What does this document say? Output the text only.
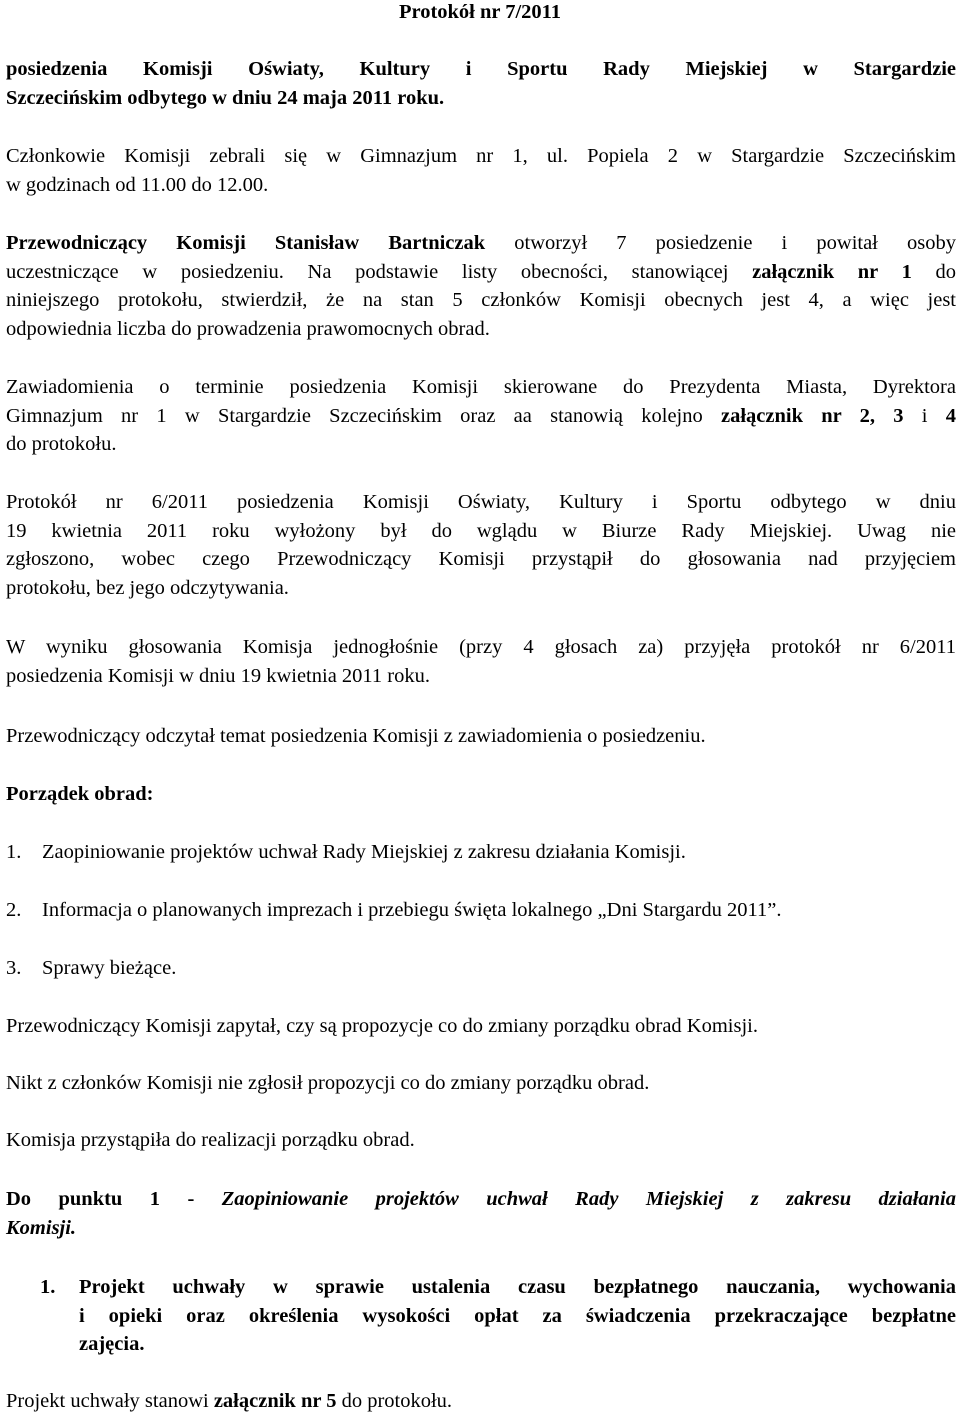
Protokół nr 7/2011
posiedzenia Komisji Oświaty, Kultury i Sportu Rady Miejskiej w Stargardzie
Szczecińskim odbytego w dniu 24 maja 2011 roku.
Członkowie Komisji zebrali się w Gimnazjum nr 1, ul. Popiela 2 w Stargardzie Szczecińskim
w godzinach od 11.00 do 12.00.
Przewodniczący Komisji Stanisław Bartniczak otworzył 7 posiedzenie i powitał osoby
uczestniczące w posiedzeniu. Na podstawie listy obecności, stanowiącej załącznik nr 1 do
niniejszego protokołu, stwierdził, że na stan 5 członków Komisji obecnych jest 4, a więc jest
odpowiednia liczba do prowadzenia prawomocnych obrad.
Zawiadomienia o terminie posiedzenia Komisji skierowane do Prezydenta Miasta, Dyrektora
Gimnazjum nr 1 w Stargardzie Szczecińskim oraz aa stanowią kolejno załącznik nr 2, 3 i 4
do protokołu.
Protokół nr 6/2011 posiedzenia Komisji Oświaty, Kultury i Sportu odbytego w dniu
19 kwietnia 2011 roku wyłożony był do wglądu w Biurze Rady Miejskiej. Uwag nie
zgłoszono, wobec czego Przewodniczący Komisji przystąpił do głosowania nad przyjęciem
protokołu, bez jego odczytywania.
W wyniku głosowania Komisja jednogłośnie (przy 4 głosach za) przyjęła protokół nr 6/2011
posiedzenia Komisji w dniu 19 kwietnia 2011 roku.
Przewodniczący odczytał temat posiedzenia Komisji z zawiadomienia o posiedzeniu.
Porządek obrad:
1. Zaopiniowanie projektów uchwał Rady Miejskiej z zakresu działania Komisji.
2. Informacja o planowanych imprezach i przebiegu święta lokalnego „Dni Stargardu 2011”.
3. Sprawy bieżące.
Przewodniczący Komisji zapytał, czy są propozycje co do zmiany porządku obrad Komisji.
Nikt z członków Komisji nie zgłosił propozycji co do zmiany porządku obrad.
Komisja przystąpiła do realizacji porządku obrad.
Do punktu 1 - Zaopiniowanie projektów uchwał Rady Miejskiej z zakresu działania
Komisji.
1. Projekt uchwały w sprawie ustalenia czasu bezpłatnego nauczania, wychowania
i opieki oraz określenia wysokości opłat za świadczenia przekraczające bezpłatne
zajęcia.
Projekt uchwały stanowi załącznik nr 5 do protokołu.
